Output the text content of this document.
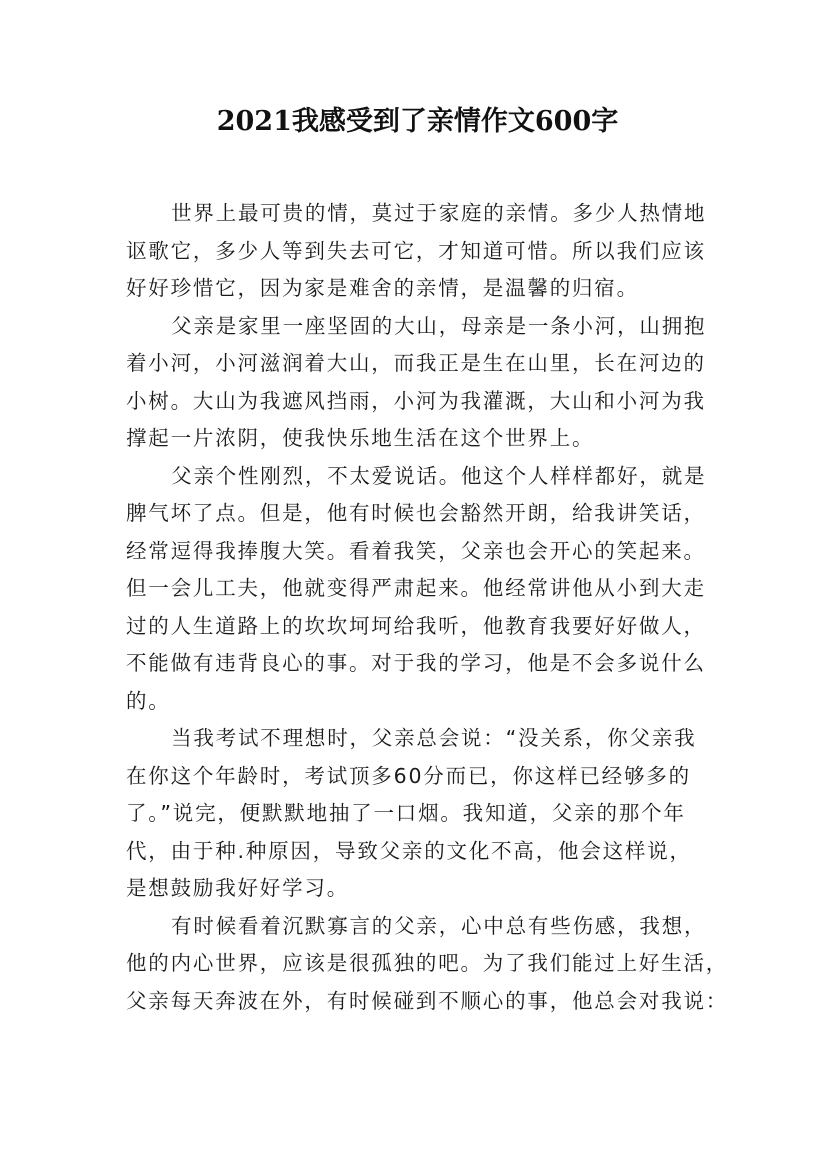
2021我感受到了亲情作文600字
世界上最可贵的情，莫过于家庭的亲情。多少人热情地
讴歌它，多少人等到失去可它，才知道可惜。所以我们应该
好好珍惜它，因为家是难舍的亲情，是温馨的归宿。
父亲是家里一座坚固的大山，母亲是一条小河，山拥抱
着小河，小河滋润着大山，而我正是生在山里，长在河边的
小树。大山为我遮风挡雨，小河为我灌溉，大山和小河为我
撑起一片浓阴，使我快乐地生活在这个世界上。
父亲个性刚烈，不太爱说话。他这个人样样都好，就是
脾气坏了点。但是，他有时候也会豁然开朗，给我讲笑话，
经常逗得我捧腹大笑。看着我笑，父亲也会开心的笑起来。
但一会儿工夫，他就变得严肃起来。他经常讲他从小到大走
过的人生道路上的坎坎坷坷给我听，他教育我要好好做人，
不能做有违背良心的事。对于我的学习，他是不会多说什么
的。
当我考试不理想时，父亲总会说：“没关系，你父亲我
在你这个年龄时，考试顶多60分而已，你这样已经够多的
了。”说完，便默默地抽了一口烟。我知道，父亲的那个年
代，由于种.种原因，导致父亲的文化不高，他会这样说，
是想鼓励我好好学习。
有时候看着沉默寡言的父亲，心中总有些伤感，我想，
他的内心世界，应该是很孤独的吧。为了我们能过上好生活，
父亲每天奔波在外，有时候碰到不顺心的事，他总会对我说：
